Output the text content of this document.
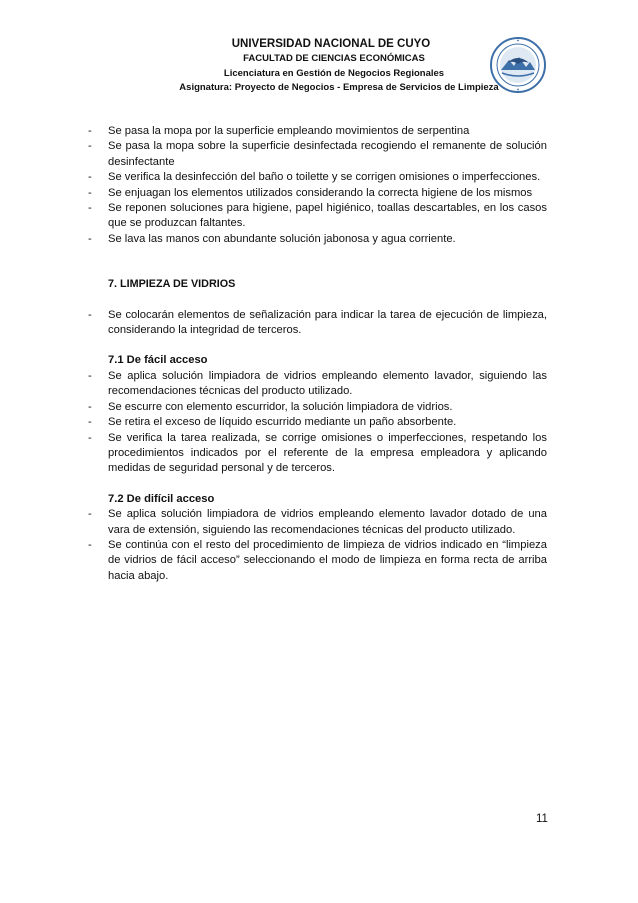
UNIVERSIDAD NACIONAL DE CUYO
FACULTAD DE CIENCIAS ECONÓMICAS
Licenciatura en Gestión de Negocios Regionales
Asignatura: Proyecto de Negocios - Empresa de Servicios de Limpieza
- Se pasa la mopa por la superficie empleando movimientos de serpentina
- Se pasa la mopa sobre la superficie desinfectada recogiendo el remanente de solución desinfectante
- Se verifica la desinfección del baño o toilette y se corrigen omisiones o imperfecciones.
- Se enjuagan los elementos utilizados considerando la correcta higiene de los mismos
- Se reponen soluciones para higiene, papel higiénico, toallas descartables, en los casos que se produzcan faltantes.
- Se lava las manos con abundante solución jabonosa y agua corriente.
7. LIMPIEZA DE VIDRIOS
- Se colocarán elementos de señalización para indicar la tarea de ejecución de limpieza, considerando la integridad de terceros.
7.1 De fácil acceso
- Se aplica solución limpiadora de vidrios empleando elemento lavador, siguiendo las recomendaciones técnicas del producto utilizado.
- Se escurre con elemento escurridor, la solución limpiadora de vidrios.
- Se retira el exceso de líquido escurrido mediante un paño absorbente.
- Se verifica la tarea realizada, se corrige omisiones o imperfecciones, respetando los procedimientos indicados por el referente de la empresa empleadora y aplicando medidas de seguridad personal y de terceros.
7.2 De difícil acceso
- Se aplica solución limpiadora de vidrios empleando elemento lavador dotado de una vara de extensión, siguiendo las recomendaciones técnicas del producto utilizado.
- Se continúa con el resto del procedimiento de limpieza de vidrios indicado en “limpieza de vidrios de fácil acceso” seleccionando el modo de limpieza en forma recta de arriba hacia abajo.
11
